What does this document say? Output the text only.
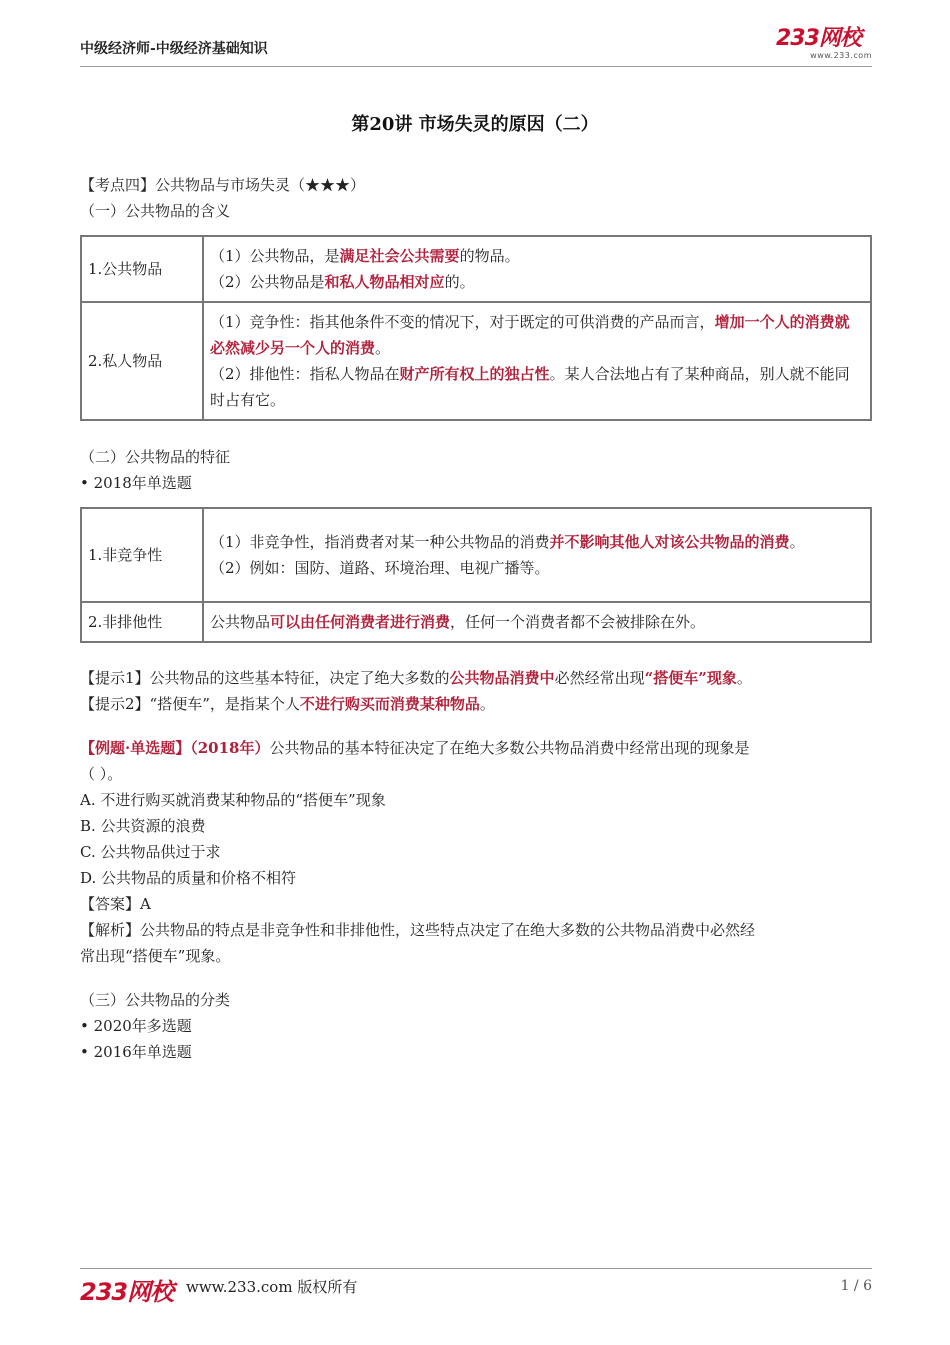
中级经济师-中级经济基础知识	233网校
www.233.com
第20讲 市场失灵的原因（二）
【考点四】公共物品与市场失灵（★★★）
（一）公共物品的含义
1.公共物品	（1）公共物品，是满足社会公共需要的物品。
（2）公共物品是和私人物品相对应的。

2.私人物品	（1）竞争性：指其他条件不变的情况下，对于既定的可供消费的产品而言，增加一个人的消费就必然减少另一个人的消费。
（2）排他性：指私人物品在财产所有权上的独占性。某人合法地占有了某种商品，别人就不能同时占有它。
（二）公共物品的特征
• 2018年单选题
1.非竞争性	（1）非竞争性，指消费者对某一种公共物品的消费并不影响其他人对该公共物品的消费。
（2）例如：国防、道路、环境治理、电视广播等。

2.非排他性	公共物品可以由任何消费者进行消费，任何一个消费者都不会被排除在外。
【提示1】公共物品的这些基本特征，决定了绝大多数的公共物品消费中必然经常出现“搭便车”现象。
【提示2】“搭便车”，是指某个人不进行购买而消费某种物品。
【例题·单选题】（2018年）公共物品的基本特征决定了在绝大多数公共物品消费中经常出现的现象是
（ ）。
A. 不进行购买就消费某种物品的“搭便车”现象
B. 公共资源的浪费
C. 公共物品供过于求
D. 公共物品的质量和价格不相符
【答案】A
【解析】公共物品的特点是非竞争性和非排他性，这些特点决定了在绝大多数的公共物品消费中必然经
常出现“搭便车”现象。
（三）公共物品的分类
• 2020年多选题
• 2016年单选题
233网校 www.233.com 版权所有	1 / 6
